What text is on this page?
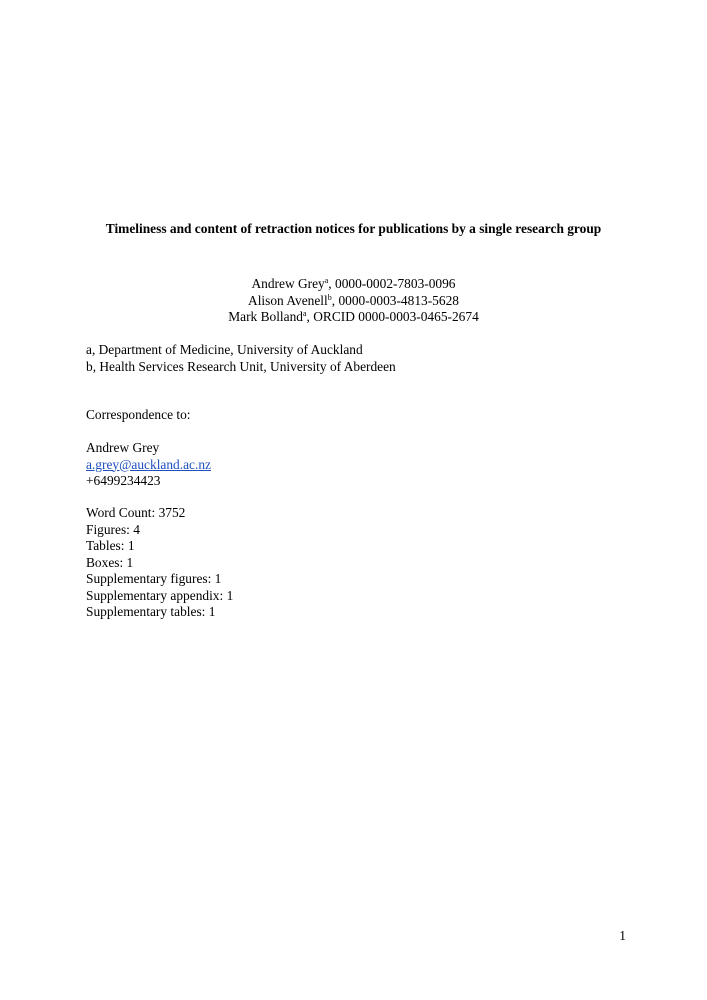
Timeliness and content of retraction notices for publications by a single research group
Andrew Grey$^a$, 0000-0002-7803-0096
Alison Avenell$^b$, 0000-0003-4813-5628
Mark Bolland$^a$, ORCID 0000-0003-0465-2674
a, Department of Medicine, University of Auckland
b, Health Services Research Unit, University of Aberdeen
Correspondence to:
Andrew Grey
a.grey@auckland.ac.nz
+6499234423
Word Count: 3752
Figures: 4
Tables: 1
Boxes: 1
Supplementary figures: 1
Supplementary appendix: 1
Supplementary tables: 1
1
